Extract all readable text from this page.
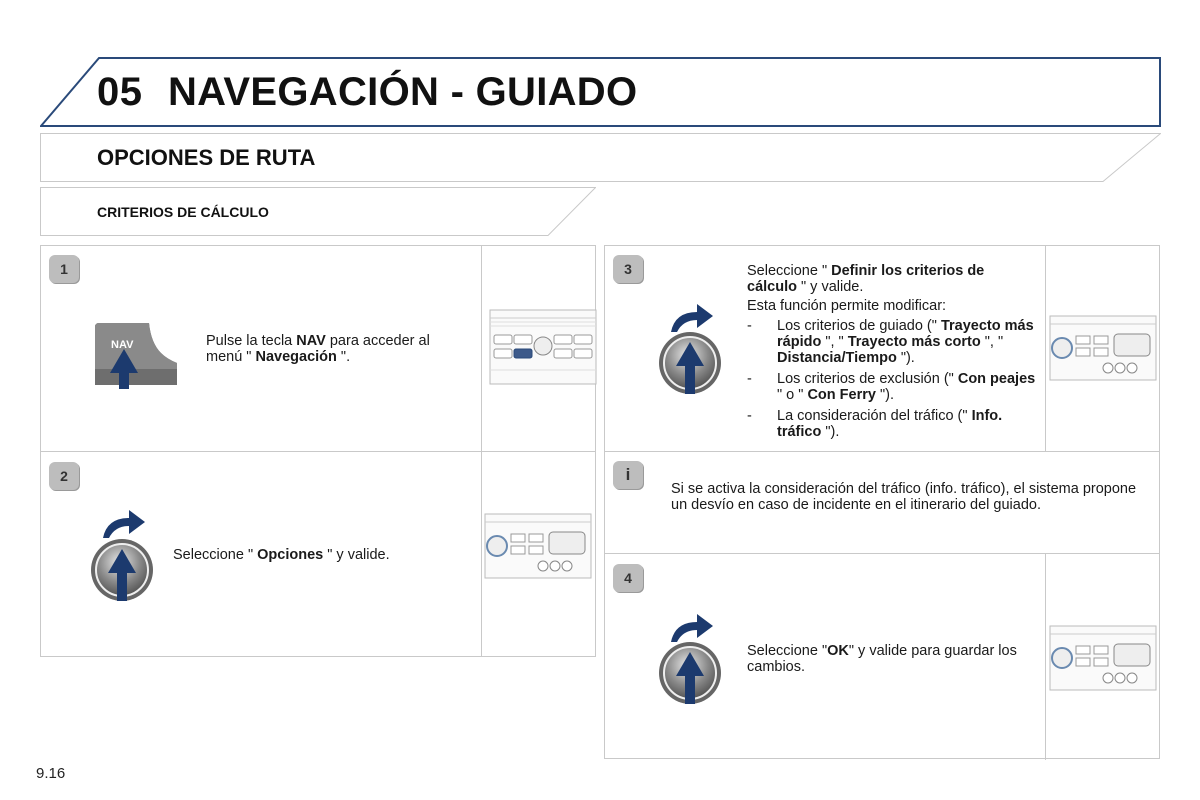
05 NAVEGACIÓN - GUIADO
OPCIONES DE RUTA
CRITERIOS DE CÁLCULO
1
NAV	Pulse la tecla NAV para acceder al menú " Navegación ".
2
Seleccione " Opciones " y valide.
3	Seleccione " Definir los criterios de cálculo " y valide.
Esta función permite modificar:
- Los criterios de guiado (" Trayecto más rápido ", " Trayecto más corto ", " Distancia/Tiempo ").
- Los criterios de exclusión (" Con peajes " o " Con Ferry ").
- La consideración del tráfico (" Info. tráfico ").
i
Si se activa la consideración del tráfico (info. tráfico), el sistema propone un desvío en caso de incidente en el itinerario del guiado.
4
Seleccione "OK" y valide para guardar los cambios.
9.16
